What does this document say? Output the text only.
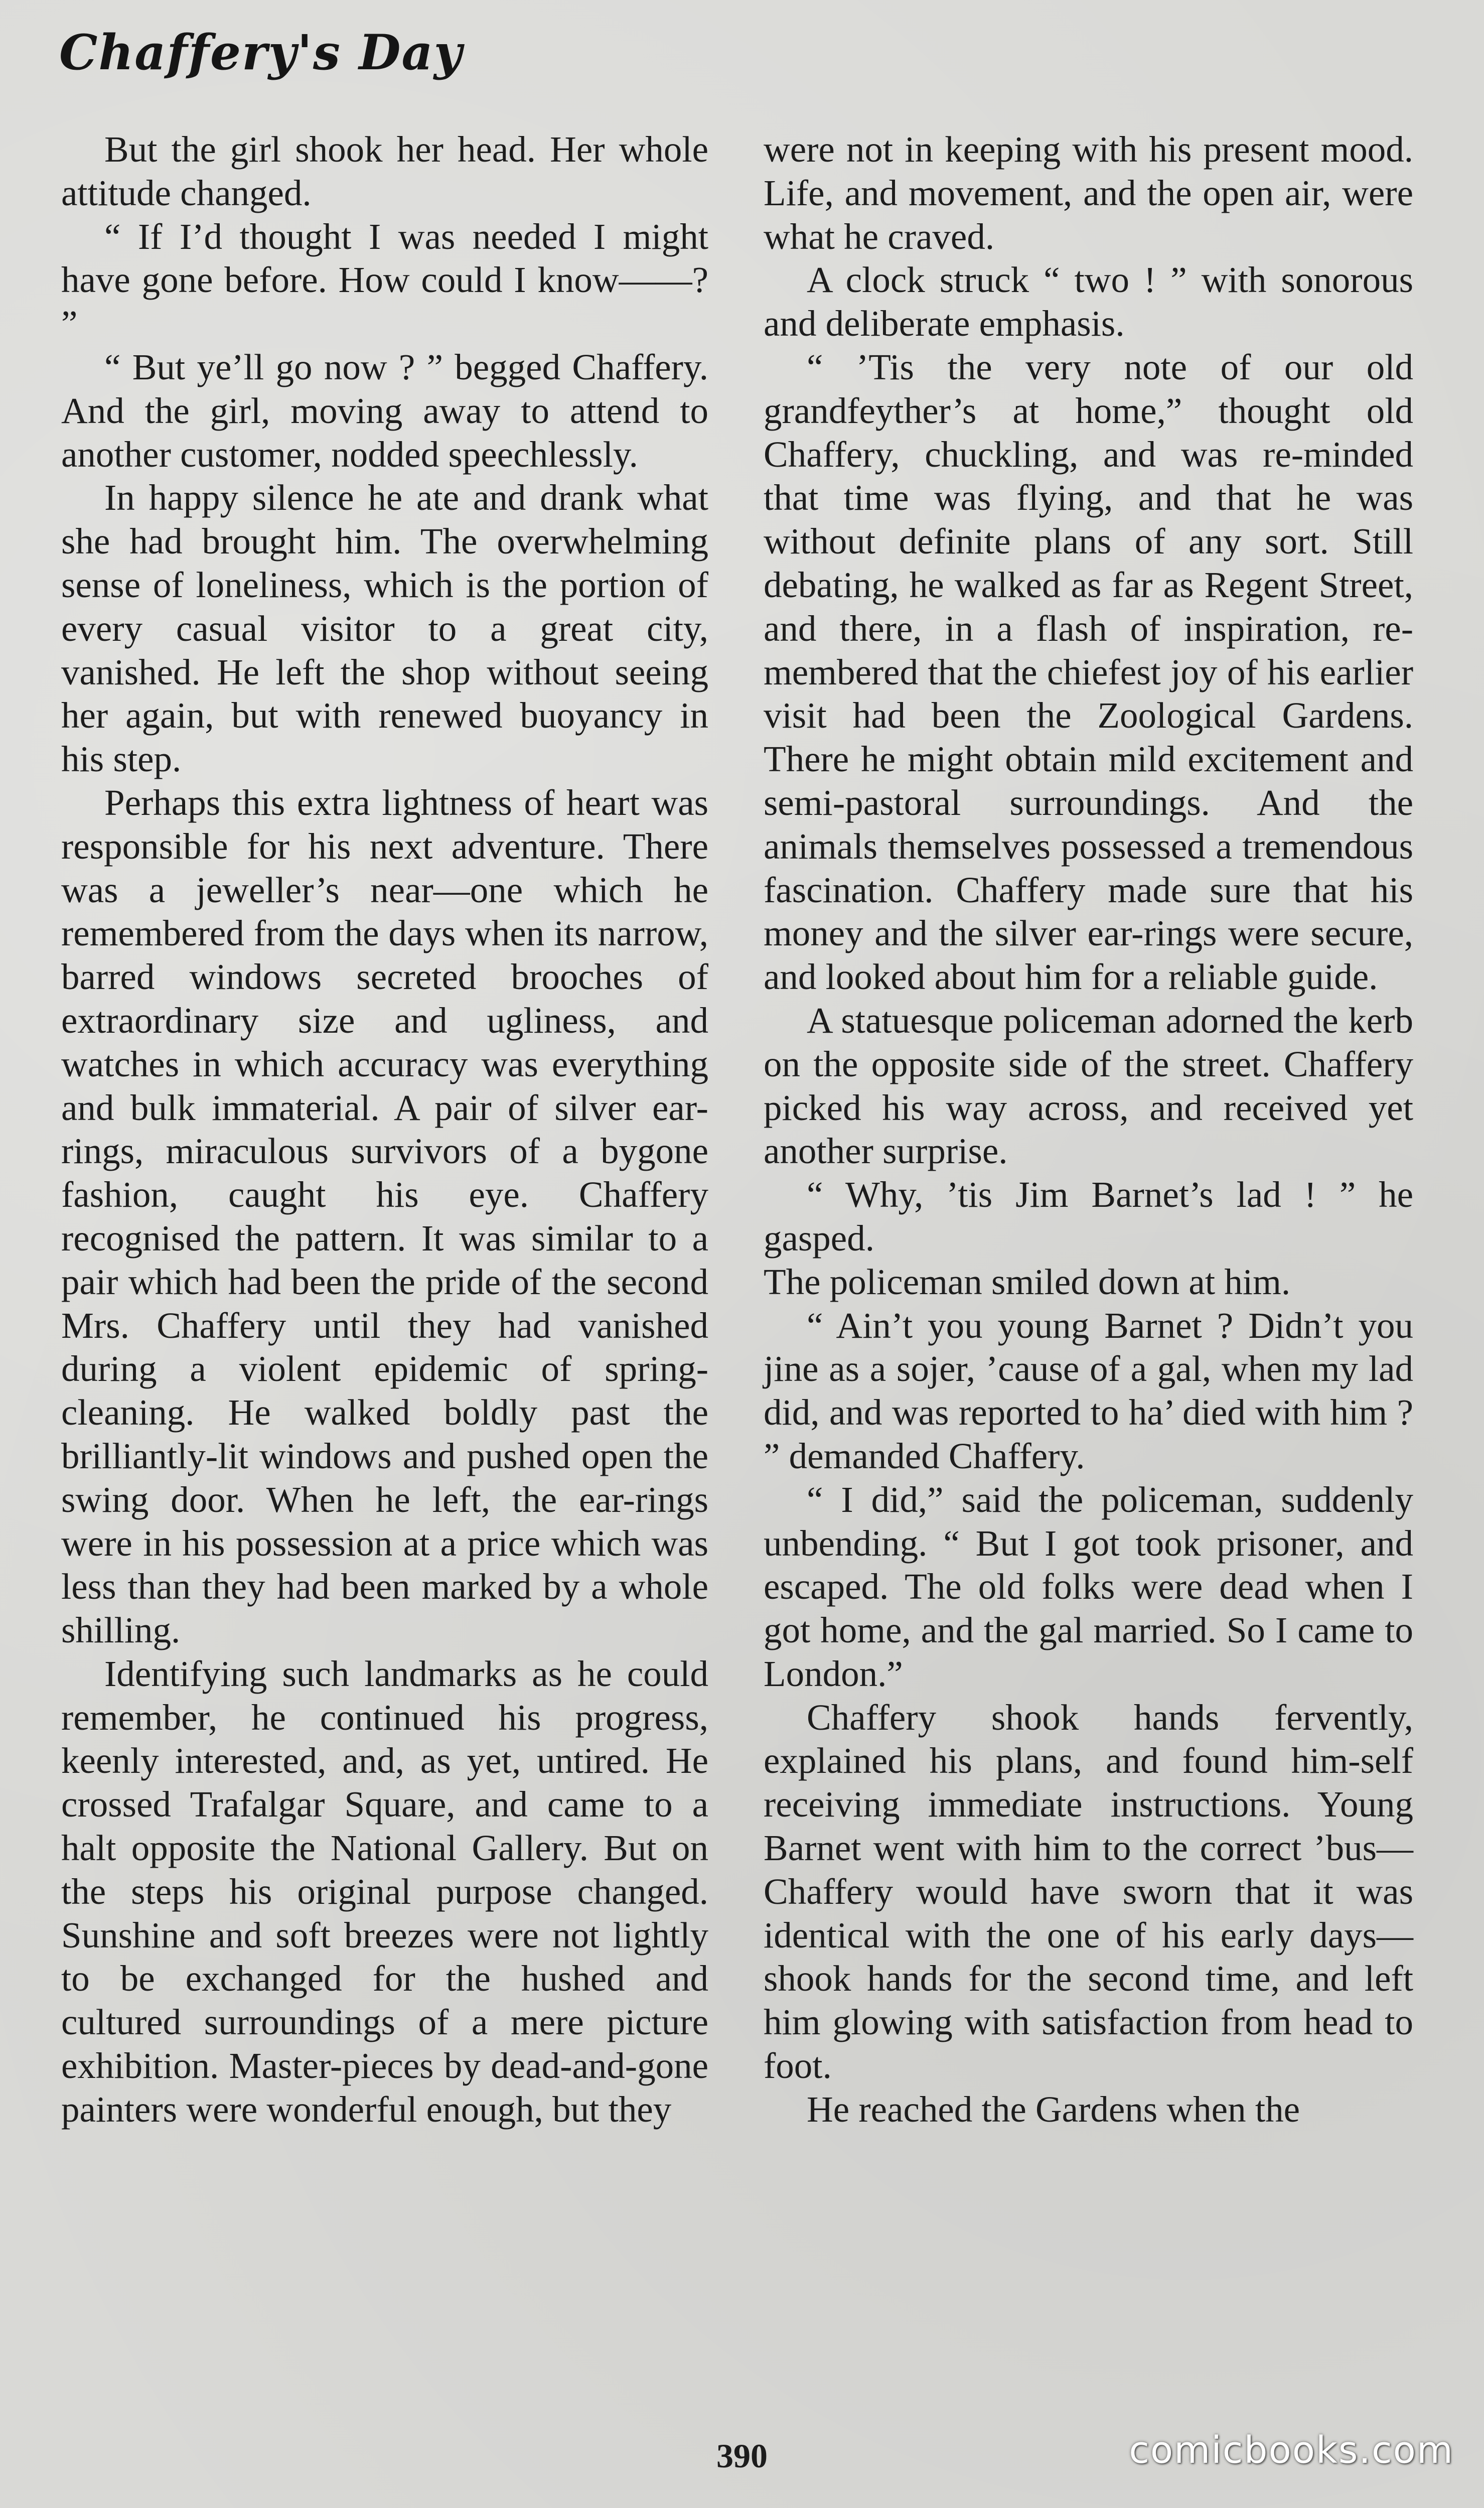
Chaffery's Day

But the girl shook her head. Her whole attitude changed.

“ If I’d thought I was needed I might have gone before. How could I know——? ”

“ But ye’ll go now ? ” begged Chaffery. And the girl, moving away to attend to another customer, nodded speechlessly.

In happy silence he ate and drank what she had brought him. The overwhelming sense of loneliness, which is the portion of every casual visitor to a great city, vanished. He left the shop without seeing her again, but with renewed buoyancy in his step.

Perhaps this extra lightness of heart was responsible for his next adventure. There was a jeweller’s near—one which he remembered from the days when its narrow, barred windows secreted brooches of extraordinary size and ugliness, and watches in which accuracy was everything and bulk immaterial. A pair of silver ear-rings, miraculous survivors of a bygone fashion, caught his eye. Chaffery recognised the pattern. It was similar to a pair which had been the pride of the second Mrs. Chaffery until they had vanished during a violent epidemic of spring-cleaning. He walked boldly past the brilliantly-lit windows and pushed open the swing door. When he left, the ear-rings were in his possession at a price which was less than they had been marked by a whole shilling.

Identifying such landmarks as he could remember, he continued his progress, keenly interested, and, as yet, untired. He crossed Trafalgar Square, and came to a halt opposite the National Gallery. But on the steps his original purpose changed. Sunshine and soft breezes were not lightly to be exchanged for the hushed and cultured surroundings of a mere picture exhibition. Master-pieces by dead-and-gone painters were wonderful enough, but they

were not in keeping with his present mood. Life, and movement, and the open air, were what he craved.

A clock struck “ two ! ” with sonorous and deliberate emphasis.

“ ’Tis the very note of our old grandfeyther’s at home,” thought old Chaffery, chuckling, and was re-minded that time was flying, and that he was without definite plans of any sort. Still debating, he walked as far as Regent Street, and there, in a flash of inspiration, re-membered that the chiefest joy of his earlier visit had been the Zoological Gardens. There he might obtain mild excitement and semi-pastoral surroundings. And the animals themselves possessed a tremendous fascination. Chaffery made sure that his money and the silver ear-rings were secure, and looked about him for a reliable guide.

A statuesque policeman adorned the kerb on the opposite side of the street. Chaffery picked his way across, and received yet another surprise.

“ Why, ’tis Jim Barnet’s lad ! ” he gasped.

The policeman smiled down at him.

“ Ain’t you young Barnet ? Didn’t you jine as a sojer, ’cause of a gal, when my lad did, and was reported to ha’ died with him ? ” demanded Chaffery.

“ I did,” said the policeman, suddenly unbending. “ But I got took prisoner, and escaped. The old folks were dead when I got home, and the gal married. So I came to London.”

Chaffery shook hands fervently, explained his plans, and found him-self receiving immediate instructions. Young Barnet went with him to the correct ’bus—Chaffery would have sworn that it was identical with the one of his early days—shook hands for the second time, and left him glowing with satisfaction from head to foot.

He reached the Gardens when the

390	comicbooks.com
